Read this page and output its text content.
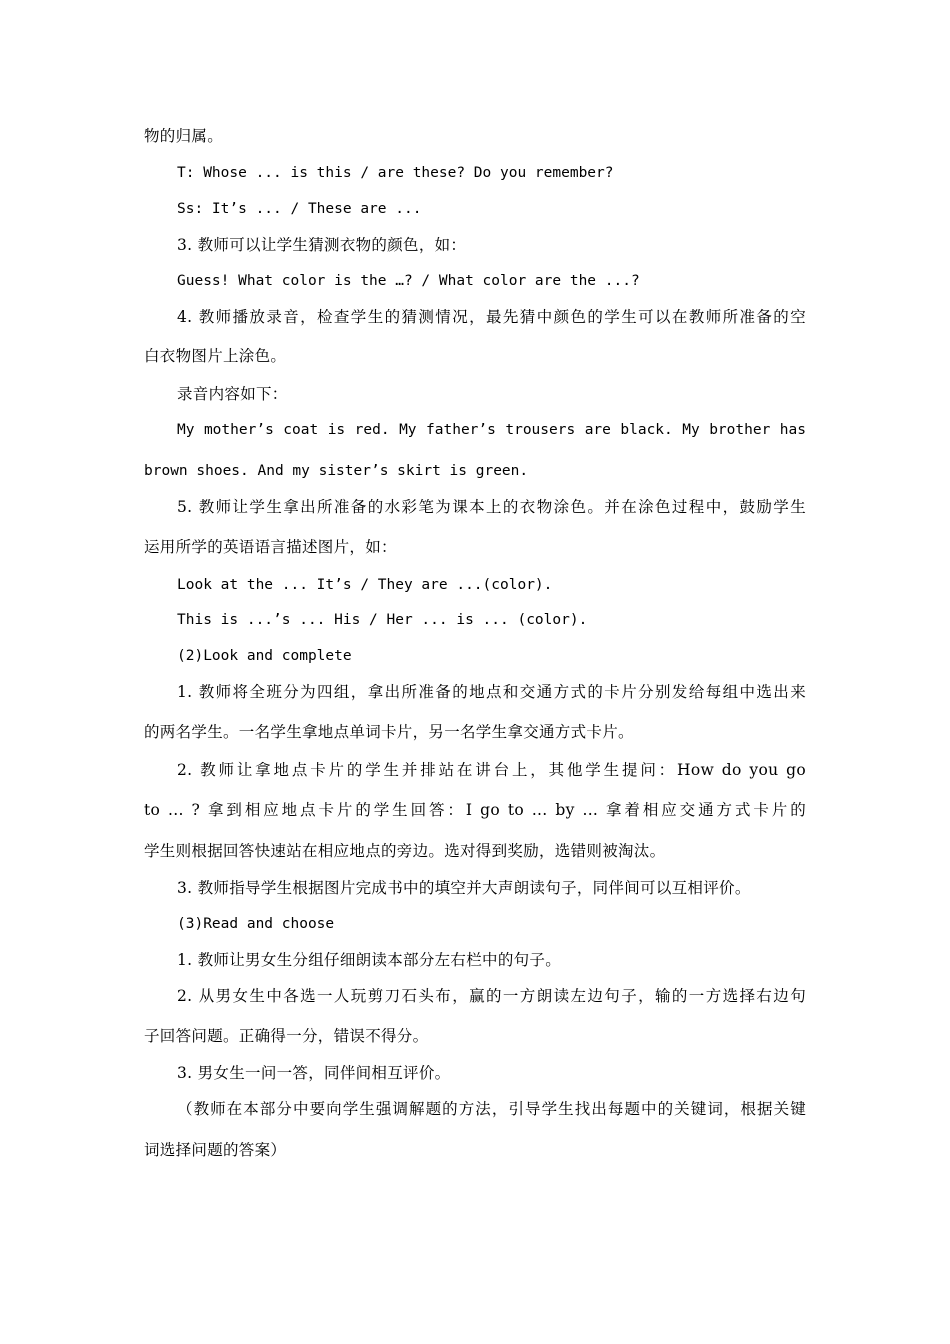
物的归属。
T: Whose ... is this / are these? Do you remember?
Ss: It’s ... / These are ...
3. 教师可以让学生猜测衣物的颜色，如：
Guess! What color is the …? / What color are the ...?
4. 教师播放录音，检查学生的猜测情况，最先猜中颜色的学生可以在教师所准备的空
白衣物图片上涂色。
录音内容如下：
My mother’s coat is red. My father’s trousers are black. My brother has
brown shoes. And my sister’s skirt is green.
5. 教师让学生拿出所准备的水彩笔为课本上的衣物涂色。并在涂色过程中，鼓励学生
运用所学的英语语言描述图片，如：
Look at the ... It’s / They are ...(color).
This is ...’s ... His / Her ... is ... (color).
(2)Look and complete
1. 教师将全班分为四组，拿出所准备的地点和交通方式的卡片分别发给每组中选出来
的两名学生。一名学生拿地点单词卡片，另一名学生拿交通方式卡片。
2. 教师让拿地点卡片的学生并排站在讲台上，其他学生提问：How do you go
to ... ? 拿到相应地点卡片的学生回答：I go to ... by ... 拿着相应交通方式卡片的
学生则根据回答快速站在相应地点的旁边。选对得到奖励，选错则被淘汰。
3. 教师指导学生根据图片完成书中的填空并大声朗读句子，同伴间可以互相评价。
(3)Read and choose
1. 教师让男女生分组仔细朗读本部分左右栏中的句子。
2. 从男女生中各选一人玩剪刀石头布，赢的一方朗读左边句子，输的一方选择右边句
子回答问题。正确得一分，错误不得分。
3. 男女生一问一答，同伴间相互评价。
（教师在本部分中要向学生强调解题的方法，引导学生找出每题中的关键词，根据关键
词选择问题的答案）
